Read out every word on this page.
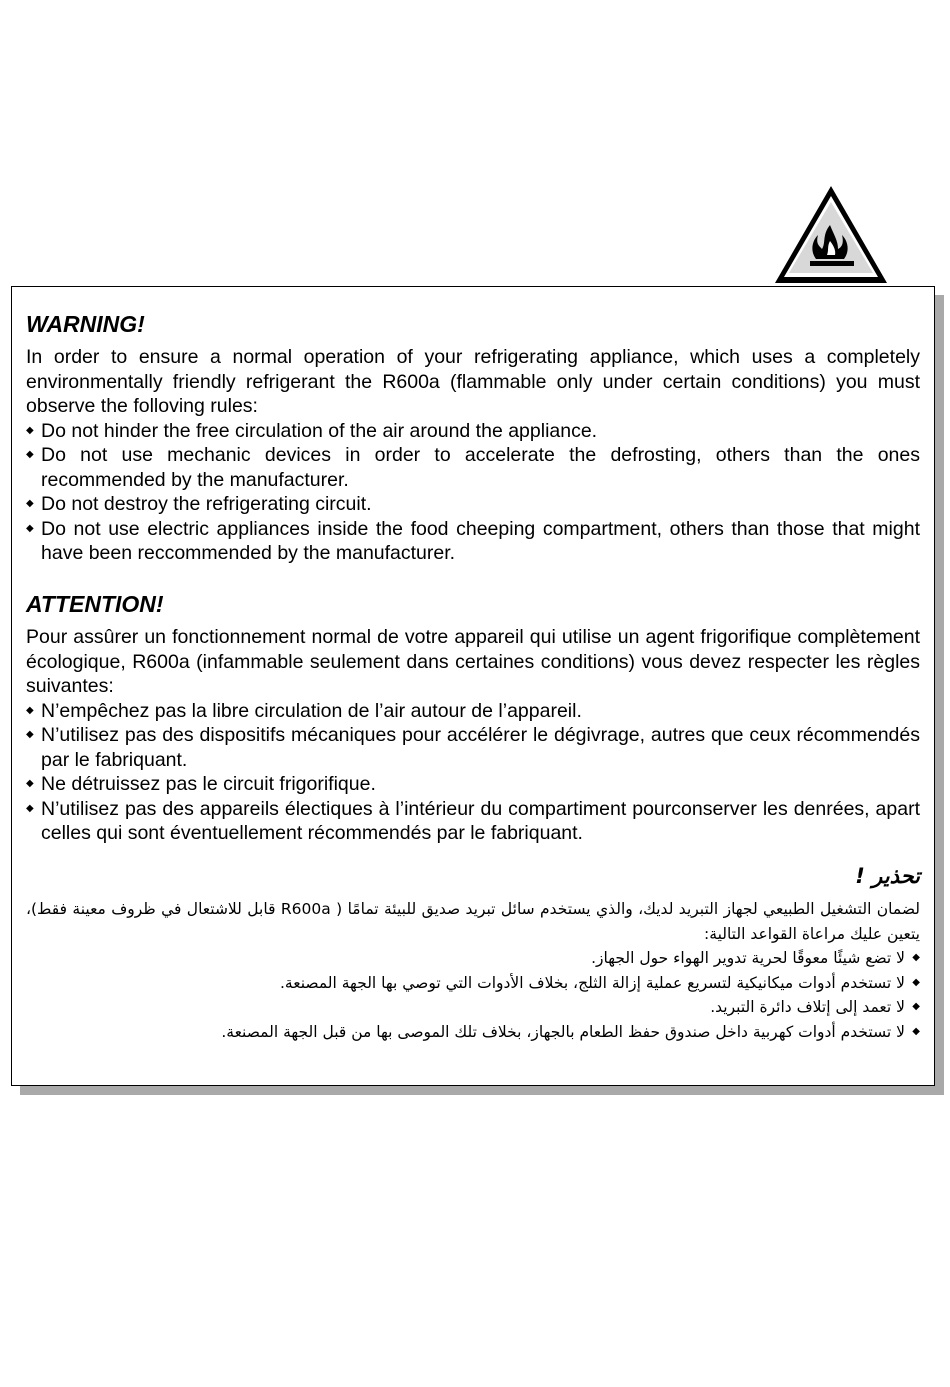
WARNING!

In order to ensure a normal operation of your refrigerating appliance, which uses a completely environmentally friendly refrigerant the R600a (flammable only under certain conditions) you must observe the folloving rules:

◆ Do not hinder the free circulation of the air around the appliance.
◆ Do not use mechanic devices in order to accelerate the defrosting, others than the ones recommended by the manufacturer.
◆ Do not destroy the refrigerating circuit.
◆ Do not use electric appliances inside the food cheeping compartment, others than those that might have been reccommended by the manufacturer.
ATTENTION!

Pour assûrer un fonctionnement normal de votre appareil qui utilise un agent frigorifique complètement écologique, R600a (infammable seulement dans certaines conditions) vous devez respecter les règles suivantes:

◆ N’empêchez pas la libre circulation de l’air autour de l’appareil.
◆ N’utilisez pas des dispositifs mécaniques pour accélérer le dégivrage, autres que ceux récommendés par le fabriquant.
◆ Ne détruissez pas le circuit frigorifique.
◆ N’utilisez pas des appareils électiques à l’intérieur du compartiment pourconserver les denrées, apart celles qui sont éventuellement récommendés par le fabriquant.
تحذير !

لضمان التشغيل الطبيعي لجهاز التبريد لديك، والذي يستخدم سائل تبريد صديق للبيئة تمامًا ( R600a قابل للاشتعال في ظروف معينة فقط)، يتعين عليك مراعاة القواعد التالية:

◆
لا تضع شيئًا معوقًا لحرية تدوير الهواء حول الجهاز.
◆
لا تستخدم أدوات ميكانيكية لتسريع عملية إزالة الثلج، بخلاف الأدوات التي توصي بها الجهة المصنعة.
◆
لا تعمد إلى إتلاف دائرة التبريد.
◆
لا تستخدم أدوات كهربية داخل صندوق حفظ الطعام بالجهاز، بخلاف تلك الموصى بها من قبل الجهة المصنعة.
